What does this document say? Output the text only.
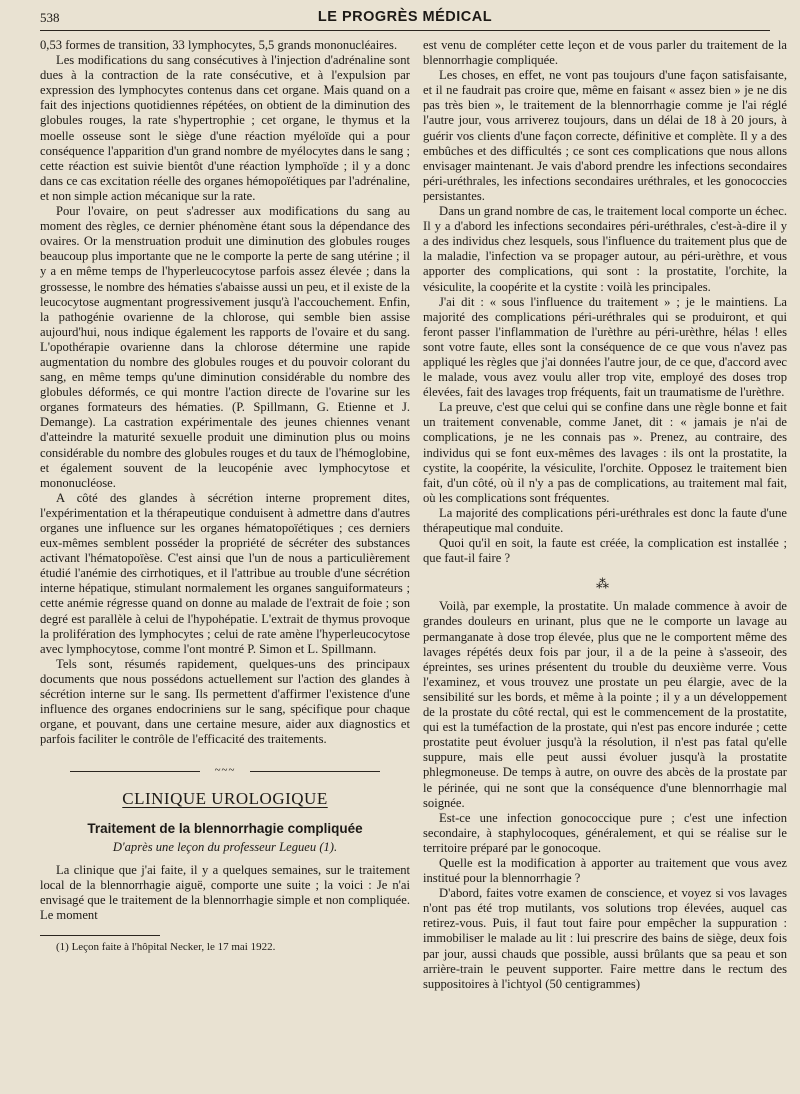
538	LE PROGRÈS MÉDICAL

0,53 formes de transition, 33 lymphocytes, 5,5 grands mononucléaires.

Les modifications du sang consécutives à l'injection d'adrénaline sont dues à la contraction de la rate consécutive, et à l'expulsion par expression des lymphocytes contenus dans cet organe. Mais quand on a fait des injections quotidiennes répétées, on obtient de la diminution des globules rouges, la rate s'hypertrophie ; cet organe, le thymus et la moelle osseuse sont le siège d'une réaction myéloïde qui a pour conséquence l'apparition d'un grand nombre de myélocytes dans le sang ; cette réaction est suivie bientôt d'une réaction lymphoïde ; il y a donc dans ce cas excitation réelle des organes hémopoïétiques par l'adrénaline, et non simple action mécanique sur la rate.

Pour l'ovaire, on peut s'adresser aux modifications du sang au moment des règles, ce dernier phénomène étant sous la dépendance des ovaires. Or la menstruation produit une diminution des globules rouges beaucoup plus importante que ne le comporte la perte de sang utérine ; il y a en même temps de l'hyperleucocytose parfois assez élevée ; dans la grossesse, le nombre des hématies s'abaisse aussi un peu, et il existe de la leucocytose augmentant progressivement jusqu'à l'accouchement. Enfin, la pathogénie ovarienne de la chlorose, qui semble bien assise aujourd'hui, nous indique également les rapports de l'ovaire et du sang. L'opothérapie ovarienne dans la chlorose détermine une rapide augmentation du nombre des globules rouges et du pouvoir colorant du sang, en même temps qu'une diminution considérable du nombre des globules déformés, ce qui montre l'action directe de l'ovarine sur les organes formateurs des hématies. (P. Spillmann, G. Etienne et J. Demange). La castration expérimentale des jeunes chiennes venant d'atteindre la maturité sexuelle produit une diminution plus ou moins considérable du nombre des globules rouges et du taux de l'hémoglobine, et également souvent de la leucopénie avec lymphocytose et mononucléose.

A côté des glandes à sécrétion interne proprement dites, l'expérimentation et la thérapeutique conduisent à admettre dans d'autres organes une influence sur les organes hématopoïétiques ; ces derniers eux-mêmes semblent posséder la propriété de sécréter des substances activant l'hématopoïèse. C'est ainsi que l'un de nous a particulièrement étudié l'anémie des cirrhotiques, et il l'attribue au trouble d'une sécrétion interne hépatique, stimulant normalement les organes sanguiformateurs ; cette anémie régresse quand on donne au malade de l'extrait de foie ; son degré est parallèle à celui de l'hypohépatie. L'extrait de thymus provoque la prolifération des lymphocytes ; celui de rate amène l'hyperleucocytose avec lymphocytose, comme l'ont montré P. Simon et L. Spillmann.

Tels sont, résumés rapidement, quelques-uns des principaux documents que nous possédons actuellement sur l'action des glandes à sécrétion interne sur le sang. Ils permettent d'affirmer l'existence d'une influence des organes endocriniens sur le sang, spécifique pour chaque organe, et pouvant, dans une certaine mesure, aider aux diagnostics et parfois faciliter le contrôle de l'efficacité des traitements.

~~~
CLINIQUE UROLOGIQUE
Traitement de la blennorrhagie compliquée
D'après une leçon du professeur Legueu (1).

La clinique que j'ai faite, il y a quelques semaines, sur le traitement local de la blennorrhagie aiguë, comporte une suite ; la voici : Je n'ai envisagé que le traitement de la blennorrhagie simple et non compliquée. Le moment

(1) Leçon faite à l'hôpital Necker, le 17 mai 1922.

est venu de compléter cette leçon et de vous parler du traitement de la blennorrhagie compliquée.

Les choses, en effet, ne vont pas toujours d'une façon satisfaisante, et il ne faudrait pas croire que, même en faisant « assez bien » je ne dis pas très bien », le traitement de la blennorrhagie comme je l'ai réglé l'autre jour, vous arriverez toujours, dans un délai de 18 à 20 jours, à guérir vos clients d'une façon correcte, définitive et complète. Il y a des embûches et des difficultés ; ce sont ces complications que nous allons envisager maintenant. Je vais d'abord prendre les infections secondaires péri-uréthrales, les infections secondaires uréthrales, et les gonococcies persistantes.

Dans un grand nombre de cas, le traitement local comporte un échec. Il y a d'abord les infections secondaires péri-uréthrales, c'est-à-dire il y a des individus chez lesquels, sous l'influence du traitement plus que de la maladie, l'infection va se propager autour, au péri-urèthre, et vous apporter des complications, qui sont : la prostatite, l'orchite, la vésiculite, la coopérite et la cystite : voilà les principales.

J'ai dit : « sous l'influence du traitement » ; je le maintiens. La majorité des complications péri-uréthrales qui se produiront, et qui feront passer l'inflammation de l'urèthre au péri-urèthre, hélas ! elles sont votre faute, elles sont la conséquence de ce que vous n'avez pas appliqué les règles que j'ai données l'autre jour, de ce que, d'accord avec le malade, vous avez voulu aller trop vite, employé des doses trop élevées, fait des lavages trop fréquents, fait un traumatisme de l'urèthre.

La preuve, c'est que celui qui se confine dans une règle bonne et fait un traitement convenable, comme Janet, dit : « jamais je n'ai de complications, je ne les connais pas ». Prenez, au contraire, des individus qui se font eux-mêmes des lavages : ils ont la prostatite, la cystite, la coopérite, la vésiculite, l'orchite. Opposez le traitement bien fait, d'un côté, où il n'y a pas de complications, au traitement mal fait, où les complications sont fréquentes.

La majorité des complications péri-uréthrales est donc la faute d'une thérapeutique mal conduite.

Quoi qu'il en soit, la faute est créée, la complication est installée ; que faut-il faire ?

⁂

Voilà, par exemple, la prostatite. Un malade commence à avoir de grandes douleurs en urinant, plus que ne le comporte un lavage au permanganate à dose trop élevée, plus que ne le comportent même des lavages répétés deux fois par jour, il a de la peine à s'asseoir, des épreintes, ses urines présentent du trouble du deuxième verre. Vous l'examinez, et vous trouvez une prostate un peu élargie, avec de la sensibilité sur les bords, et même à la pointe ; il y a un développement de la prostate du côté rectal, qui est le commencement de la prostatite, qui est la tuméfaction de la prostate, qui n'est pas encore indurée ; cette prostatite peut évoluer jusqu'à la résolution, il n'est pas fatal qu'elle suppure, mais elle peut aussi évoluer jusqu'à la prostatite phlegmoneuse. De temps à autre, on ouvre des abcès de la prostate par le périnée, qui ne sont que la conséquence d'une blennorrhagie mal soignée.

Est-ce une infection gonococcique pure ; c'est une infection secondaire, à staphylocoques, généralement, et qui se réalise sur le territoire préparé par le gonocoque.

Quelle est la modification à apporter au traitement que vous avez institué pour la blennorrhagie ?

D'abord, faites votre examen de conscience, et voyez si vos lavages n'ont pas été trop mutilants, vos solutions trop élevées, auquel cas retirez-vous. Puis, il faut tout faire pour empêcher la suppuration : immobiliser le malade au lit : lui prescrire des bains de siège, deux fois par jour, aussi chauds que possible, aussi brûlants que sa peau et son arrière-train le peuvent supporter. Faire mettre dans le rectum des suppositoires à l'ichtyol (50 centigrammes)
